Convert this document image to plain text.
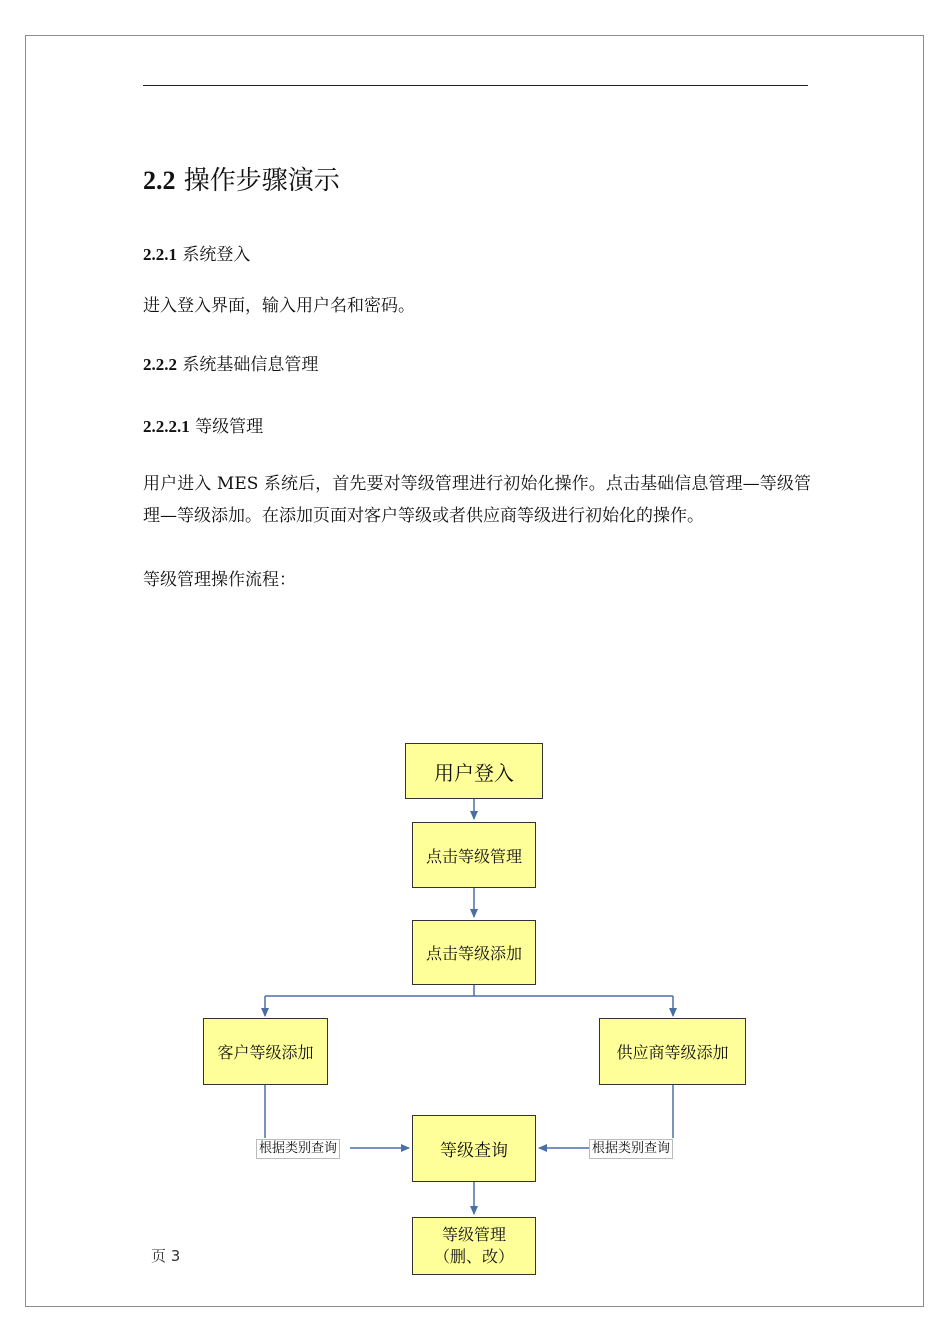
2.2 操作步骤演示
2.2.1 系统登入
进入登入界面，输入用户名和密码。
2.2.2 系统基础信息管理
2.2.2.1 等级管理
用户进入 MES 系统后，首先要对等级管理进行初始化操作。点击基础信息管理—等级管理—等级添加。在添加页面对客户等级或者供应商等级进行初始化的操作。
等级管理操作流程：
用户登入
点击等级管理
点击等级添加
客户等级添加	供应商等级添加
等级查询
等级管理
（删、改）
根据类别查询	根据类别查询
页 3
